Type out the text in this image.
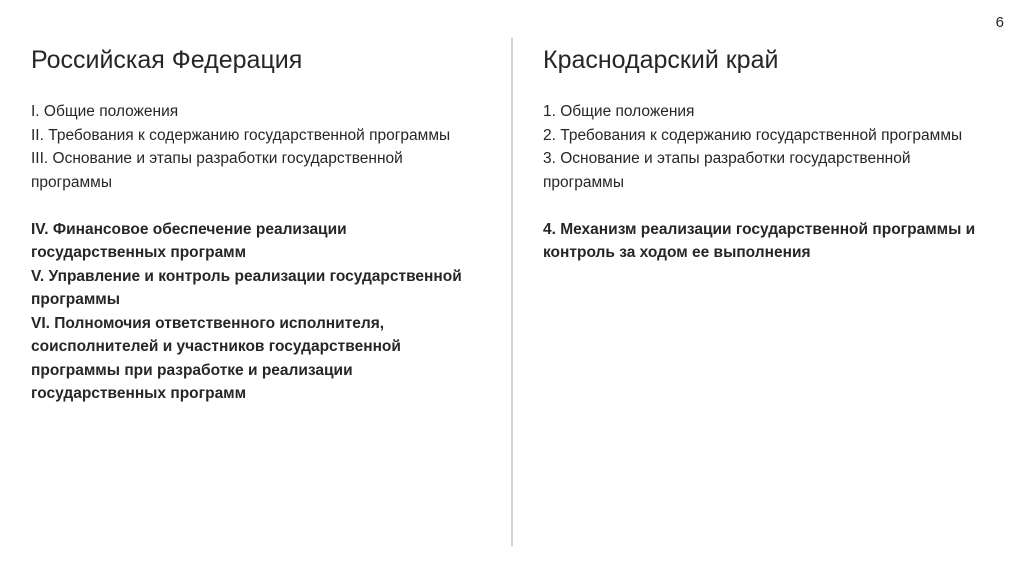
6
Российская Федерация

I. Общие положения

II. Требования к содержанию государственной программы

III. Основание и этапы разработки государственной программы

IV. Финансовое обеспечение реализации государственных программ

V. Управление и контроль реализации государственной программы

VI. Полномочия ответственного исполнителя, соисполнителей и участников государственной программы при разработке и реализации государственных программ

Краснодарский край

1. Общие положения

2. Требования к содержанию государственной программы

3. Основание и этапы разработки государственной программы

4. Механизм реализации государственной программы и контроль за ходом ее выполнения
